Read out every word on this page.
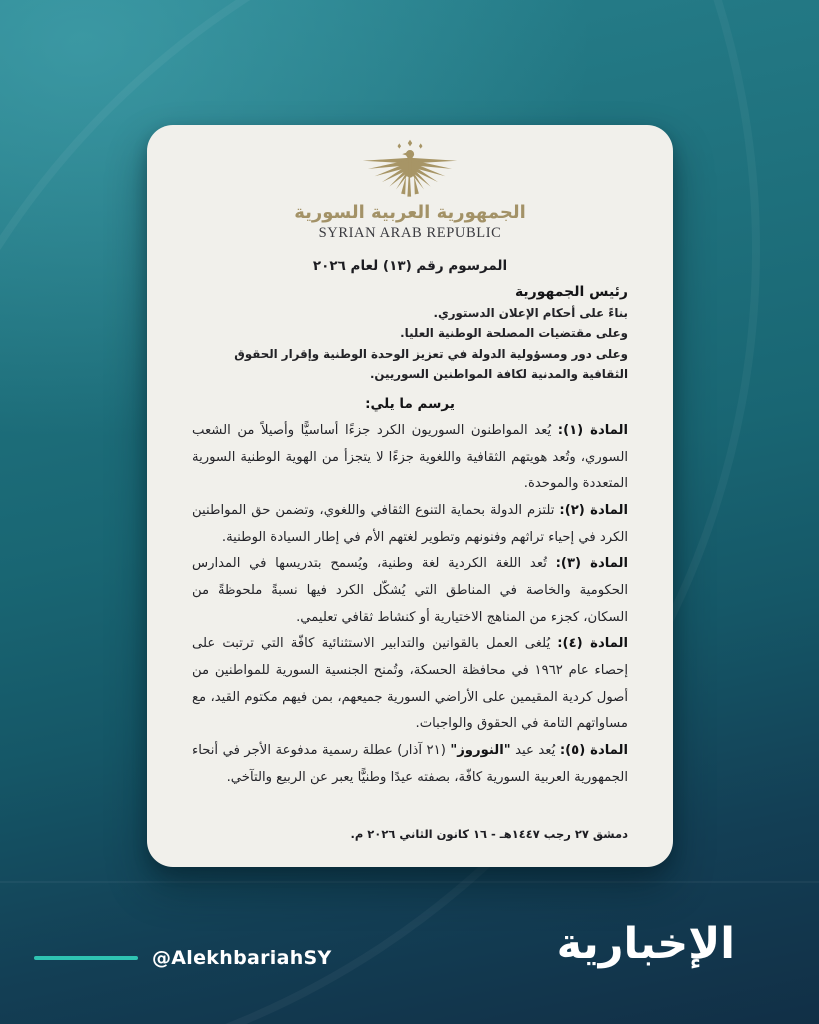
الجمهورية العربية السورية
SYRIAN ARAB REPUBLIC
المرسوم رقم (١٣) لعام ٢٠٢٦
رئيس الجمهورية
بناءً على أحكام الإعلان الدستوري.
وعلى مقتضيات المصلحة الوطنية العليا.
وعلى دور ومسؤولية الدولة في تعزيز الوحدة الوطنية وإقرار الحقوق الثقافية والمدنية لكافة المواطنين السوريين.
يرسم ما يلي:

المادة (١): يُعد المواطنون السوريون الكرد جزءًا أساسيًّا وأصيلاً من الشعب السوري، وتُعد هويتهم الثقافية واللغوية جزءًا لا يتجزأ من الهوية الوطنية السورية المتعددة والموحدة.

المادة (٢): تلتزم الدولة بحماية التنوع الثقافي واللغوي، وتضمن حق المواطنين الكرد في إحياء تراثهم وفنونهم وتطوير لغتهم الأم في إطار السيادة الوطنية.

المادة (٣): تُعد اللغة الكردية لغة وطنية، ويُسمح بتدريسها في المدارس الحكومية والخاصة في المناطق التي يُشكّل الكرد فيها نسبةً ملحوظةً من السكان، كجزء من المناهج الاختيارية أو كنشاط ثقافي تعليمي.

المادة (٤): يُلغى العمل بالقوانين والتدابير الاستثنائية كافّة التي ترتبت على إحصاء عام ١٩٦٢ في محافظة الحسكة، وتُمنح الجنسية السورية للمواطنين من أصول كردية المقيمين على الأراضي السورية جميعهم، بمن فيهم مكتوم القيد، مع مساواتهم التامة في الحقوق والواجبات.

المادة (٥): يُعد عيد "النوروز" (٢١ آذار) عطلة رسمية مدفوعة الأجر في أنحاء الجمهورية العربية السورية كافّة، بصفته عيدًا وطنيًّا يعبر عن الربيع والتآخي.

دمشق ٢٧ رجب ١٤٤٧هـ - ١٦ كانون الثاني ٢٠٢٦ م.
@AlekhbariahSY	الإخبارية
